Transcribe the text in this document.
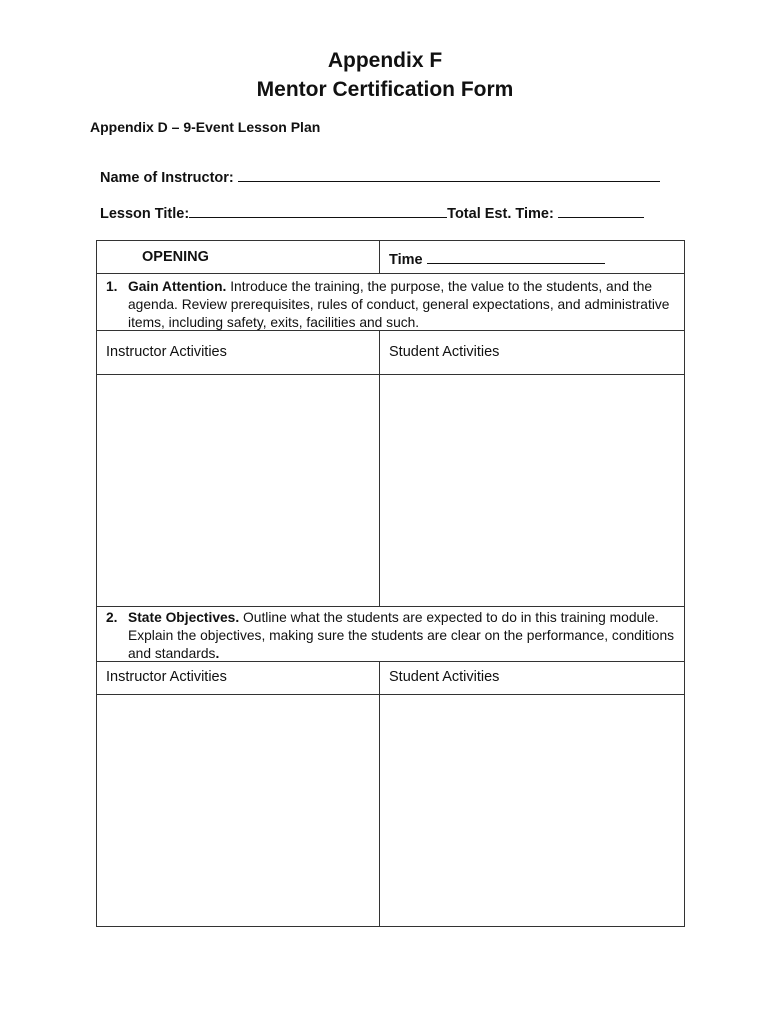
Appendix F
Mentor Certification Form
Appendix D – 9-Event Lesson Plan
Name of Instructor:
Lesson Title:	Total Est. Time:
OPENING	Time
1. Gain Attention. Introduce the training, the purpose, the value to the students, and the agenda. Review prerequisites, rules of conduct, general expectations, and administrative items, including safety, exits, facilities and such.
Instructor Activities	Student Activities
2. State Objectives. Outline what the students are expected to do in this training module. Explain the objectives, making sure the students are clear on the performance, conditions and standards.
Instructor Activities	Student Activities
